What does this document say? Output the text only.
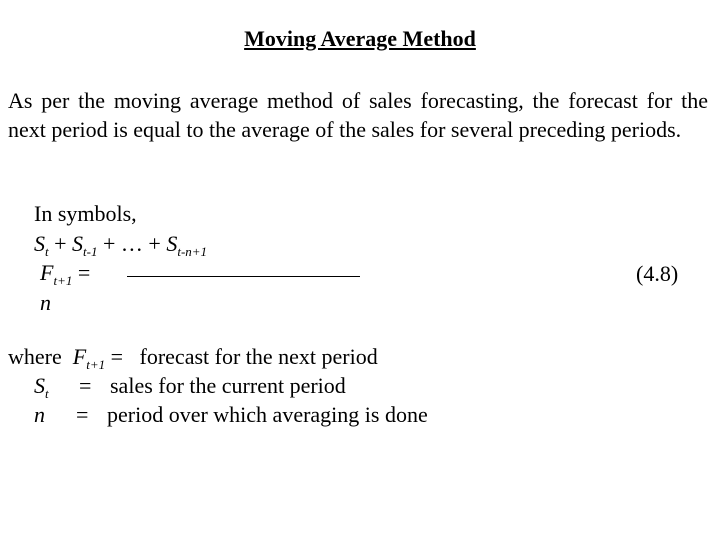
Moving Average Method
As per the moving average method of sales forecasting, the forecast for the next period is equal to the average of the sales for several preceding periods.
In symbols,
$S_t + S_{t-1}$ + … + $S_{t-n+1}$
$F_{t+1}$ =	(4.8)
n
where $F_{t+1}$ = forecast for the next period
$S_t$ = sales for the current period
n = period over which averaging is done
